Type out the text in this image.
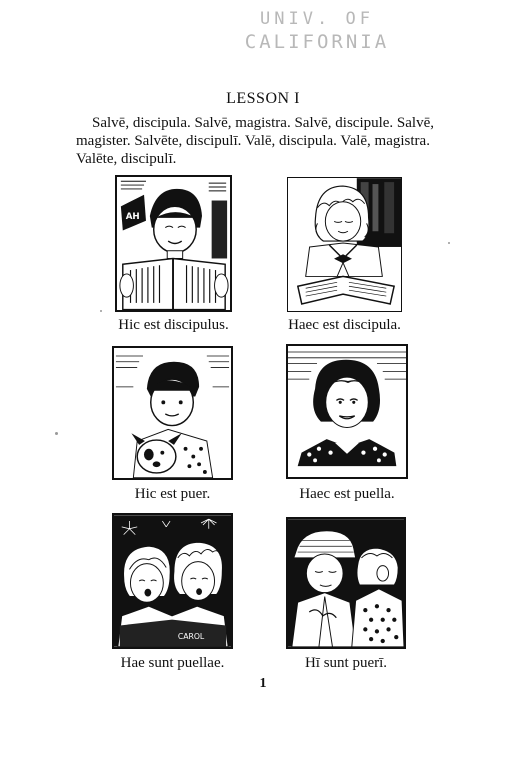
UNIV. OF
CALIFORNIA
LESSON I
Salvē, discipula. Salvē, magistra. Salvē, discipule. Salvē,
magister. Salvēte, discipulī. Valē, discipula. Valē, magistra.
Valēte, discipulī.
AH
Hic est discipulus.	Haec est discipula.
Hic est puer.	Haec est puella.
CAROL
Hae sunt puellae.	Hī sunt puerī.
1
